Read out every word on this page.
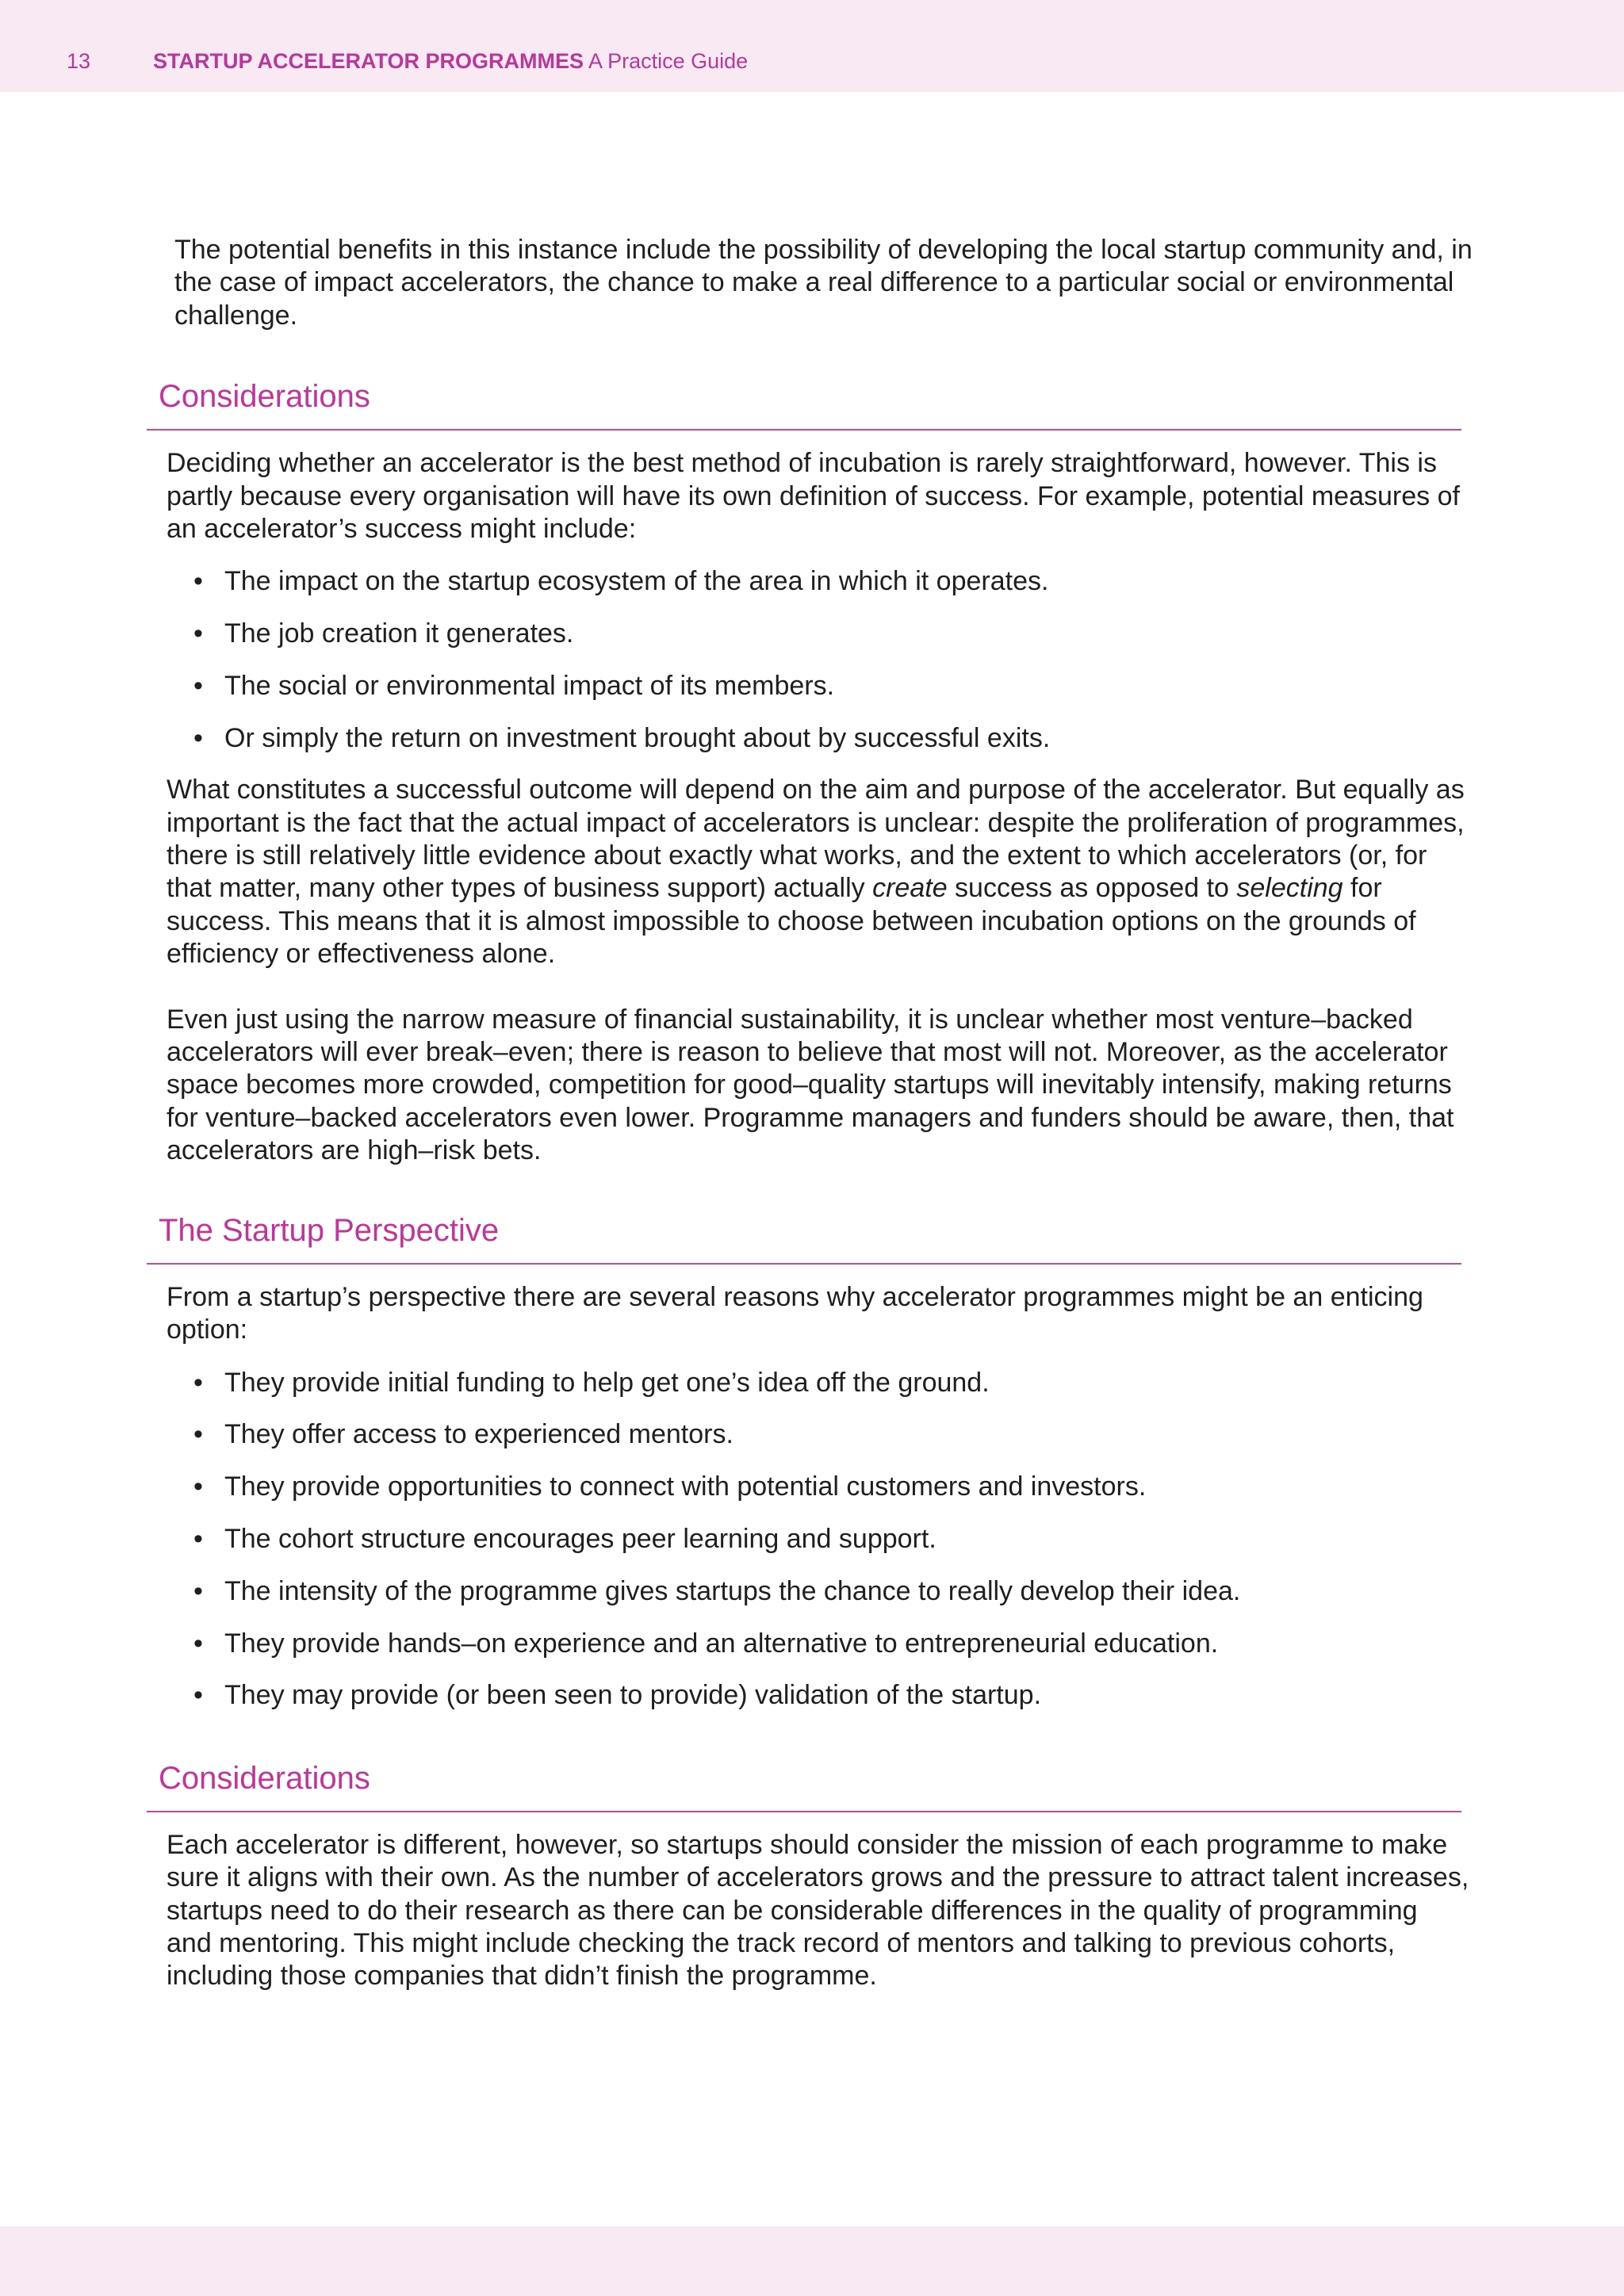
13	STARTUP ACCELERATOR PROGRAMMES A Practice Guide

The potential benefits in this instance include the possibility of developing the local startup community and, in the case of impact accelerators, the chance to make a real difference to a particular social or environmental challenge.

Considerations

Deciding whether an accelerator is the best method of incubation is rarely straightforward, however. This is partly because every organisation will have its own definition of success. For example, potential measures of an accelerator’s success might include:

• The impact on the startup ecosystem of the area in which it operates.
• The job creation it generates.
• The social or environmental impact of its members.
• Or simply the return on investment brought about by successful exits.

What constitutes a successful outcome will depend on the aim and purpose of the accelerator. But equally as important is the fact that the actual impact of accelerators is unclear: despite the proliferation of programmes, there is still relatively little evidence about exactly what works, and the extent to which accelerators (or, for that matter, many other types of business support) actually create success as opposed to selecting for success. This means that it is almost impossible to choose between incubation options on the grounds of efficiency or effectiveness alone.

Even just using the narrow measure of financial sustainability, it is unclear whether most venture–backed accelerators will ever break–even; there is reason to believe that most will not. Moreover, as the accelerator space becomes more crowded, competition for good–quality startups will inevitably intensify, making returns for venture–backed accelerators even lower. Programme managers and funders should be aware, then, that accelerators are high–risk bets.

The Startup Perspective

From a startup’s perspective there are several reasons why accelerator programmes might be an enticing option:

• They provide initial funding to help get one’s idea off the ground.
• They offer access to experienced mentors.
• They provide opportunities to connect with potential customers and investors.
• The cohort structure encourages peer learning and support.
• The intensity of the programme gives startups the chance to really develop their idea.
• They provide hands–on experience and an alternative to entrepreneurial education.
• They may provide (or been seen to provide) validation of the startup.
Considerations

Each accelerator is different, however, so startups should consider the mission of each programme to make sure it aligns with their own. As the number of accelerators grows and the pressure to attract talent increases, startups need to do their research as there can be considerable differences in the quality of programming and mentoring. This might include checking the track record of mentors and talking to previous cohorts, including those companies that didn’t finish the programme.
